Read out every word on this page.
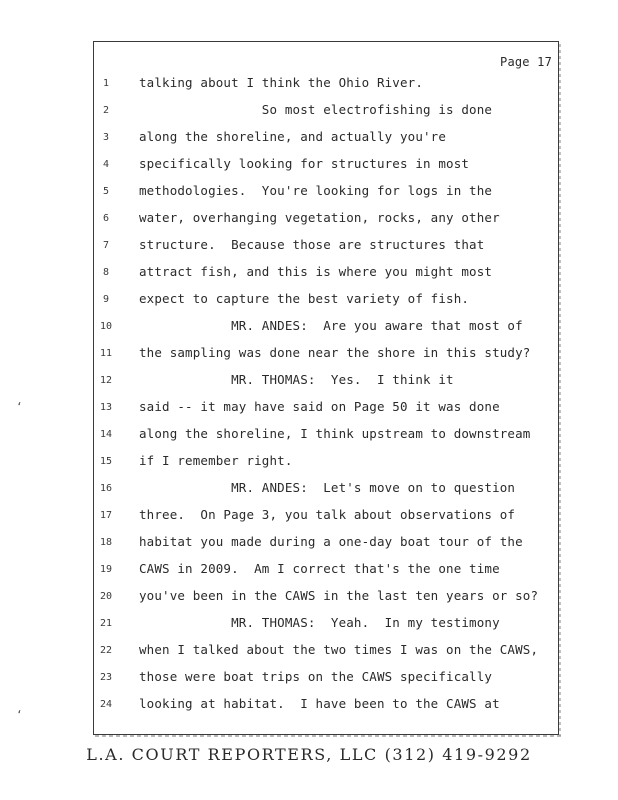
‘
‘
Page 17
1	talking about I think the Ohio River.
2	So most electrofishing is done
3	along the shoreline, and actually you're
4	specifically looking for structures in most
5	methodologies.  You're looking for logs in the
6	water, overhanging vegetation, rocks, any other
7	structure.  Because those are structures that
8	attract fish, and this is where you might most
9	expect to capture the best variety of fish.
10	MR. ANDES:  Are you aware that most of
11	the sampling was done near the shore in this study?
12	MR. THOMAS:  Yes.  I think it
13	said -- it may have said on Page 50 it was done
14	along the shoreline, I think upstream to downstream
15	if I remember right.
16	MR. ANDES:  Let's move on to question
17	three.  On Page 3, you talk about observations of
18	habitat you made during a one-day boat tour of the
19	CAWS in 2009.  Am I correct that's the one time
20	you've been in the CAWS in the last ten years or so?
21	MR. THOMAS:  Yeah.  In my testimony
22	when I talked about the two times I was on the CAWS,
23	those were boat trips on the CAWS specifically
24	looking at habitat.  I have been to the CAWS at
L.A. COURT REPORTERS, LLC (312) 419-9292
